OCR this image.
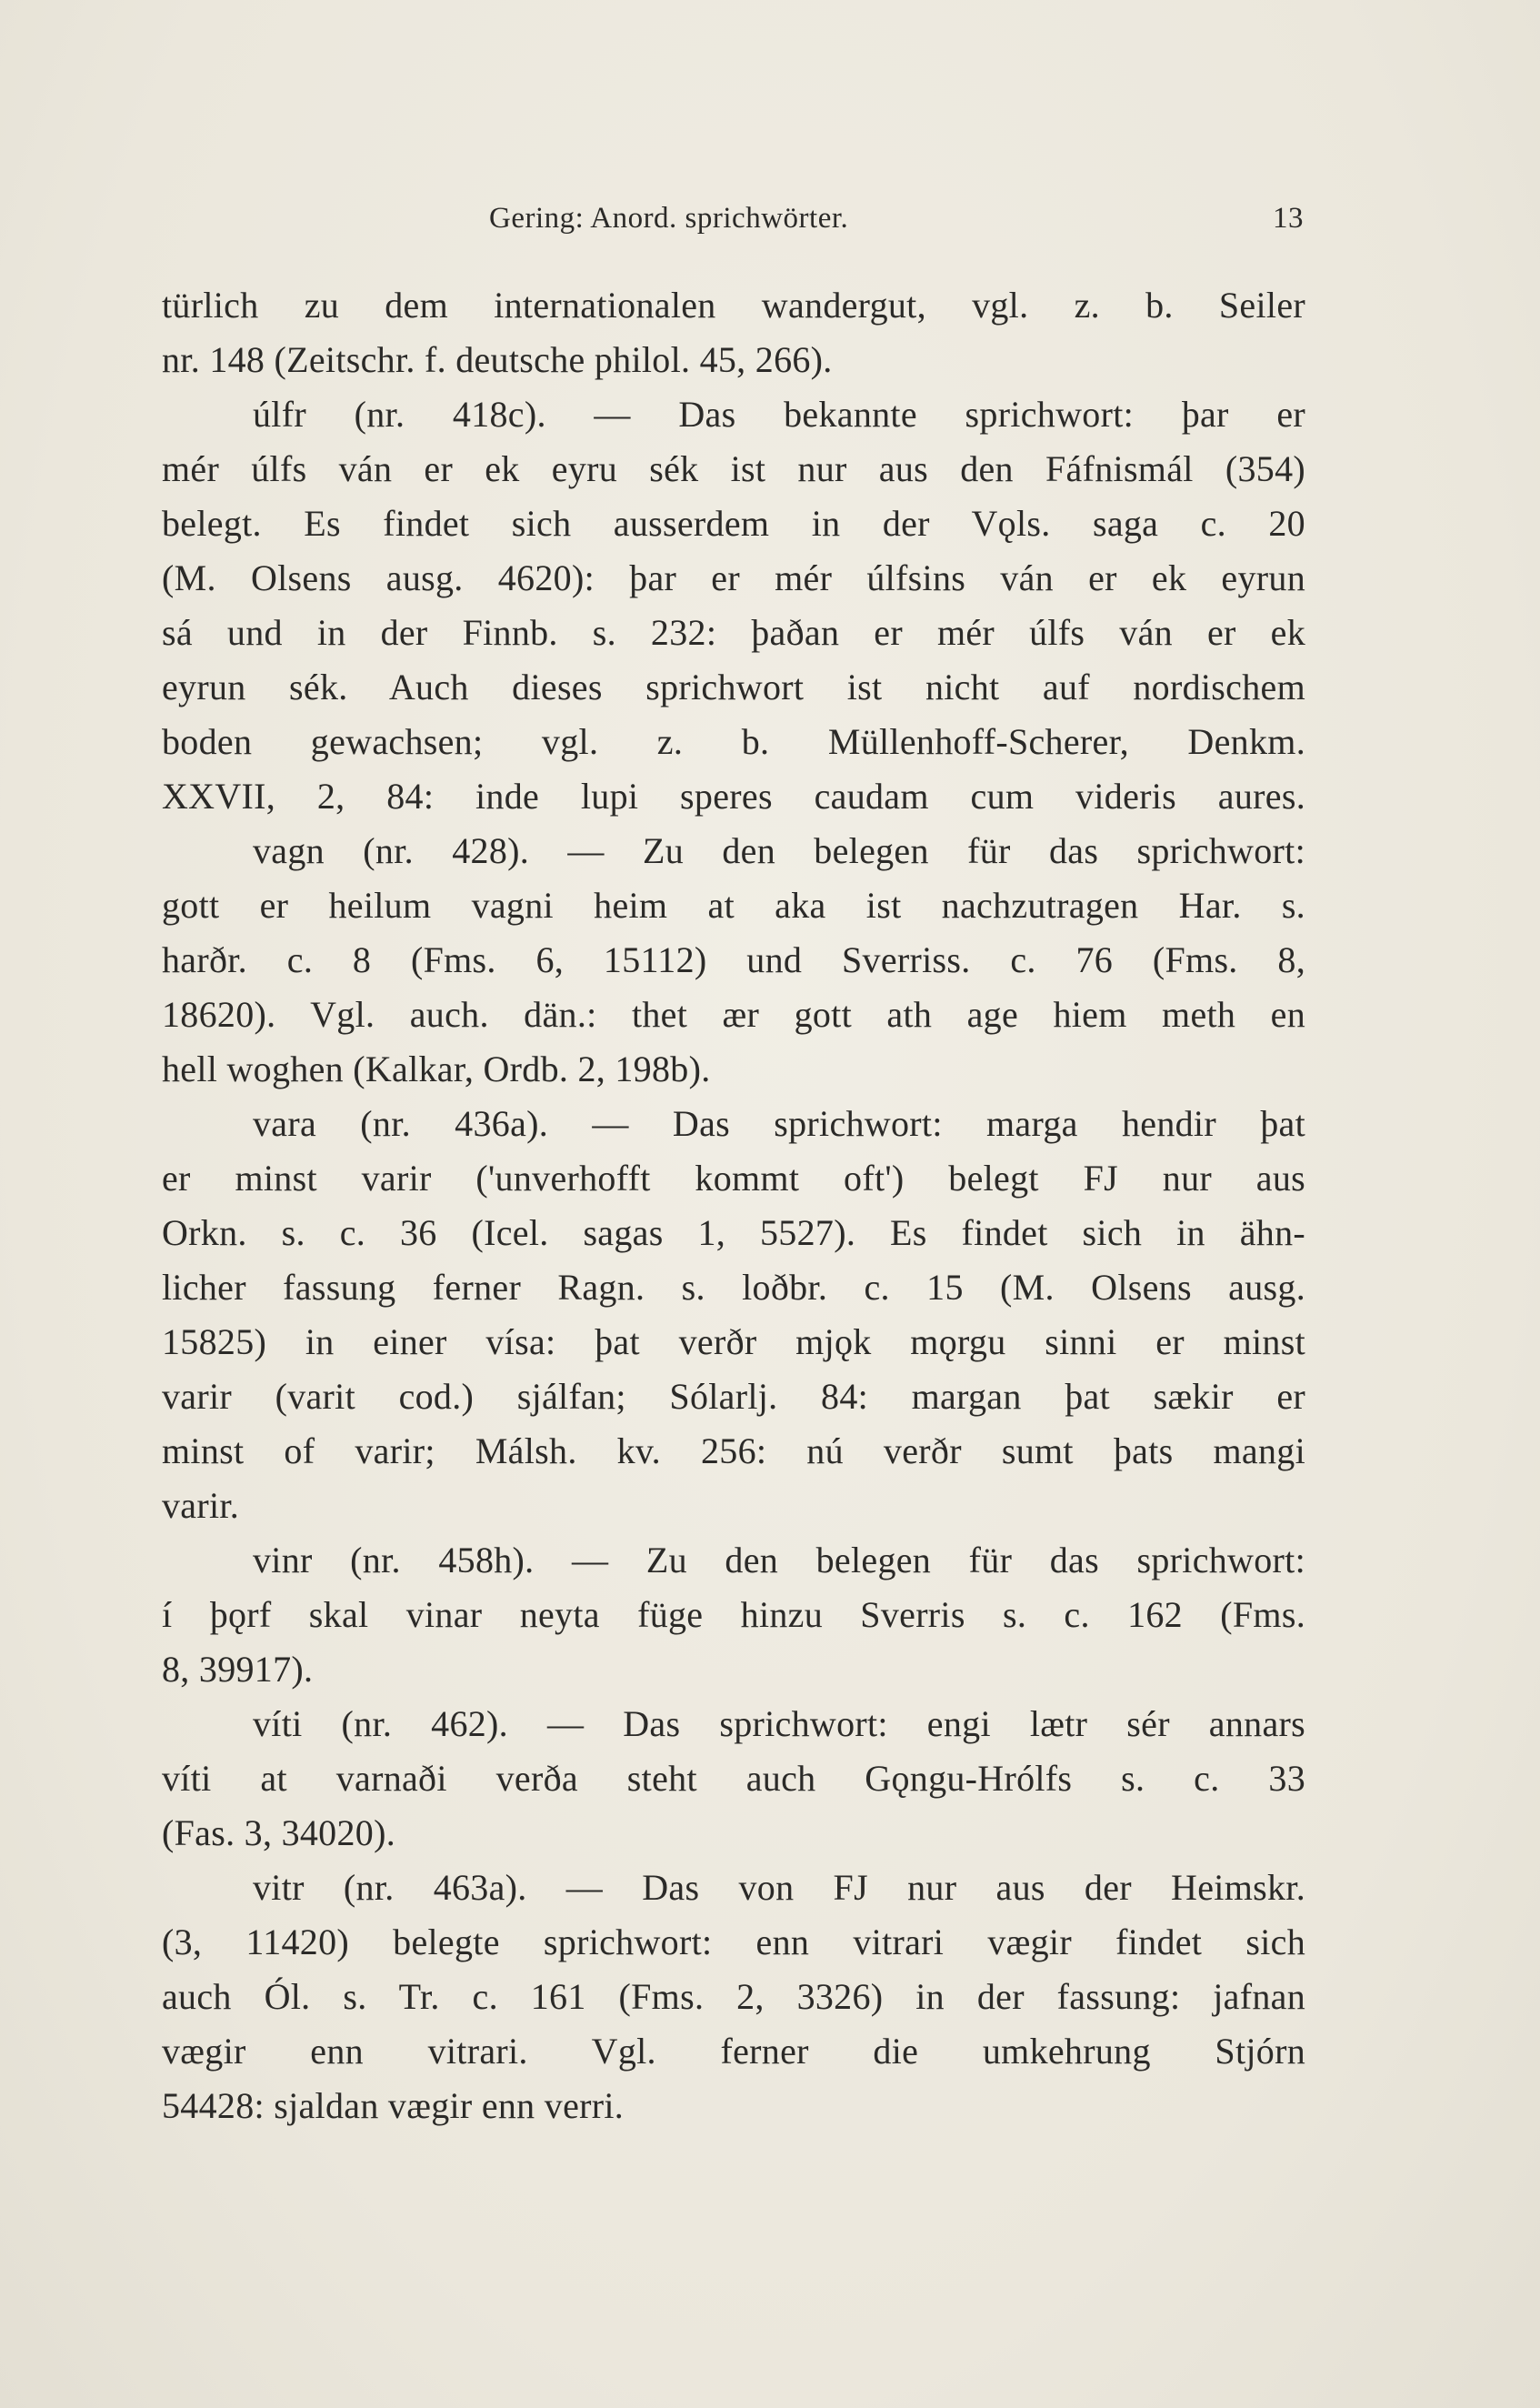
Gering: Anord. sprichwörter.	13
türlich zu dem internationalen wandergut, vgl. z. b. Seiler
nr. 148 (Zeitschr. f. deutsche philol. 45, 266).
úlfr (nr. 418c). — Das bekannte sprichwort: þar er
mér úlfs ván er ek eyru sék ist nur aus den Fáfnismál (354)
belegt. Es findet sich ausserdem in der Vǫls. saga c. 20
(M. Olsens ausg. 4620): þar er mér úlfsins ván er ek eyrun
sá und in der Finnb. s. 232: þaðan er mér úlfs ván er ek
eyrun sék. Auch dieses sprichwort ist nicht auf nordischem
boden gewachsen; vgl. z. b. Müllenhoff-Scherer, Denkm.
XXVII, 2, 84: inde lupi speres caudam cum videris aures.
vagn (nr. 428). — Zu den belegen für das sprichwort:
gott er heilum vagni heim at aka ist nachzutragen Har. s.
harðr. c. 8 (Fms. 6, 15112) und Sverriss. c. 76 (Fms. 8,
18620). Vgl. auch. dän.: thet ær gott ath age hiem meth en
hell woghen (Kalkar, Ordb. 2, 198b).
vara (nr. 436a). — Das sprichwort: marga hendir þat
er minst varir ('unverhofft kommt oft') belegt FJ nur aus
Orkn. s. c. 36 (Icel. sagas 1, 5527). Es findet sich in ähn-
licher fassung ferner Ragn. s. loðbr. c. 15 (M. Olsens ausg.
15825) in einer vísa: þat verðr mjǫk mǫrgu sinni er minst
varir (varit cod.) sjálfan; Sólarlj. 84: margan þat sækir er
minst of varir; Málsh. kv. 256: nú verðr sumt þats mangi
varir.
vinr (nr. 458h). — Zu den belegen für das sprichwort:
í þǫrf skal vinar neyta füge hinzu Sverris s. c. 162 (Fms.
8, 39917).
víti (nr. 462). — Das sprichwort: engi lætr sér annars
víti at varnaði verða steht auch Gǫngu-Hrólfs s. c. 33
(Fas. 3, 34020).
vitr (nr. 463a). — Das von FJ nur aus der Heimskr.
(3, 11420) belegte sprichwort: enn vitrari vægir findet sich
auch Ól. s. Tr. c. 161 (Fms. 2, 3326) in der fassung: jafnan
vægir enn vitrari. Vgl. ferner die umkehrung Stjórn
54428: sjaldan vægir enn verri.
